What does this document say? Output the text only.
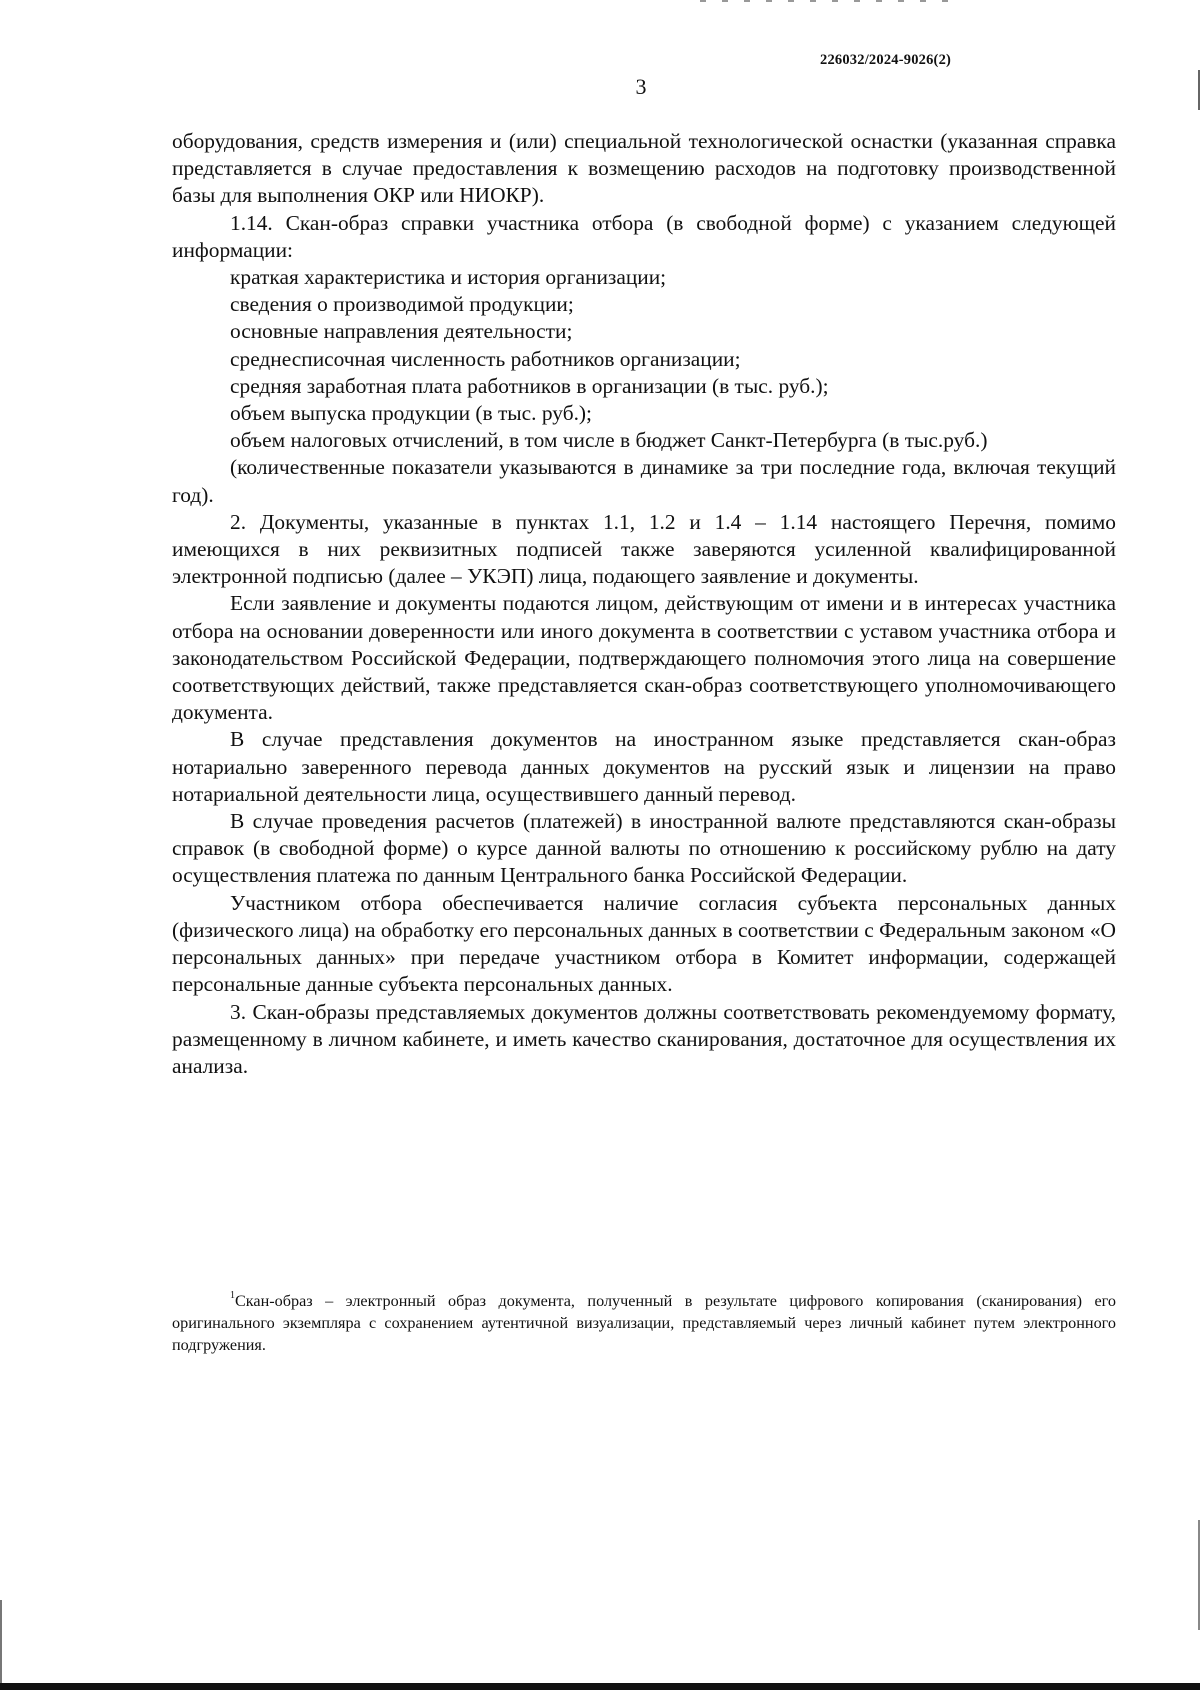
226032/2024-9026(2)
3

оборудования, средств измерения и (или) специальной технологической оснастки (указанная справка представляется в случае предоставления к возмещению расходов на подготовку производственной базы для выполнения ОКР или НИОКР).

1.14. Скан-образ справки участника отбора (в свободной форме) с указанием следующей информации:

краткая характеристика и история организации;

сведения о производимой продукции;

основные направления деятельности;

среднесписочная численность работников организации;

средняя заработная плата работников в организации (в тыс. руб.);

объем выпуска продукции (в тыс. руб.);

объем налоговых отчислений, в том числе в бюджет Санкт-Петербурга (в тыс.руб.)

(количественные показатели указываются в динамике за три последние года, включая текущий год).

2. Документы, указанные в пунктах 1.1, 1.2 и 1.4 – 1.14 настоящего Перечня, помимо имеющихся в них реквизитных подписей также заверяются усиленной квалифицированной электронной подписью (далее – УКЭП) лица, подающего заявление и документы.

Если заявление и документы подаются лицом, действующим от имени и в интересах участника отбора на основании доверенности или иного документа в соответствии с уставом участника отбора и законодательством Российской Федерации, подтверждающего полномочия этого лица на совершение соответствующих действий, также представляется скан-образ соответствующего уполномочивающего документа.

В случае представления документов на иностранном языке представляется скан-образ нотариально заверенного перевода данных документов на русский язык и лицензии на право нотариальной деятельности лица, осуществившего данный перевод.

В случае проведения расчетов (платежей) в иностранной валюте представляются скан-образы справок (в свободной форме) о курсе данной валюты по отношению к российскому рублю на дату осуществления платежа по данным Центрального банка Российской Федерации.

Участником отбора обеспечивается наличие согласия субъекта персональных данных (физического лица) на обработку его персональных данных в соответствии с Федеральным законом «О персональных данных» при передаче участником отбора в Комитет информации, содержащей персональные данные субъекта персональных данных.

3. Скан-образы представляемых документов должны соответствовать рекомендуемому формату, размещенному в личном кабинете, и иметь качество сканирования, достаточное для осуществления их анализа.

$^1$Скан-образ – электронный образ документа, полученный в результате цифрового копирования (сканирования) его оригинального экземпляра с сохранением аутентичной визуализации, представляемый через личный кабинет путем электронного подгружения.
